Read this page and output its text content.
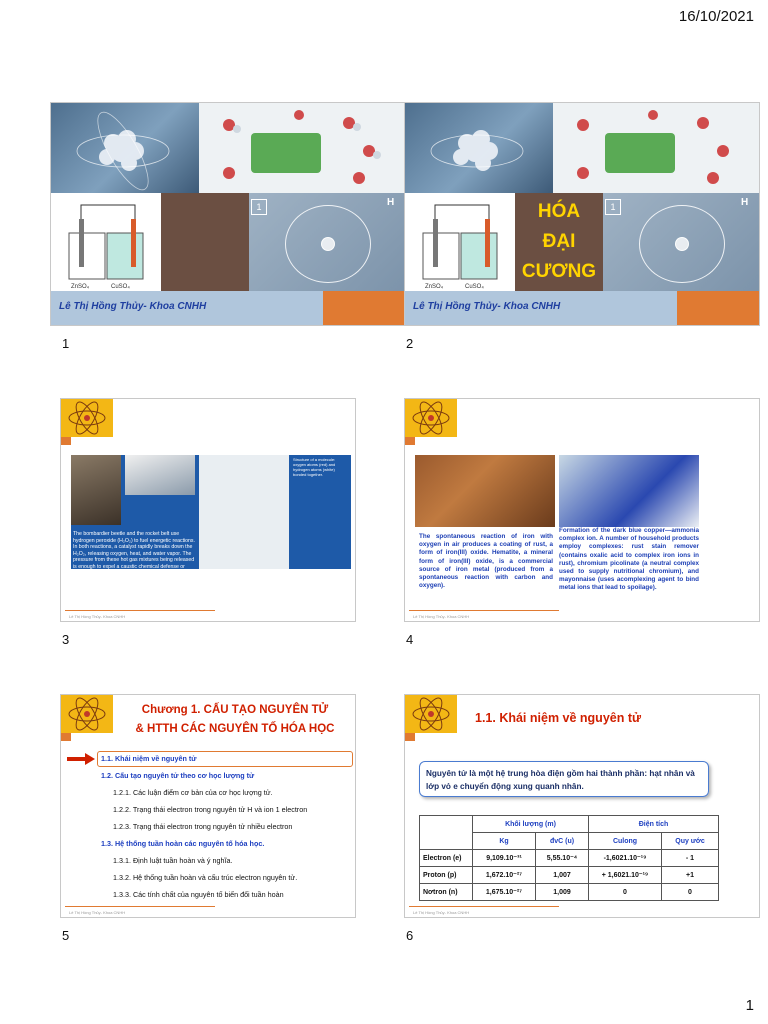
16/10/2021
ZnSO₄	CuSO₄
1	H
Lê Thị Hồng Thủy- Khoa CNHH
1
ZnSO₄	CuSO₄
HÓA
ĐẠI
CƯƠNG
1	H
Lê Thị Hồng Thủy- Khoa CNHH
2
The bombardier beetle and the rocket belt use hydrogen peroxide (H₂O₂) to fuel energetic reactions. In both reactions, a catalyst rapidly breaks down the H₂O₂, releasing oxygen, heat, and water vapor. The pressure from these hot gas mixtures being released is enough to expel a caustic chemical defense or propel a person into the air.
Structure of a molecule: oxygen atoms (red) and hydrogen atoms (white) bonded together.
Lê Thị Hồng Thủy- Khoa CNHH
3
The spontaneous reaction of iron with oxygen in air produces a coating of rust, a form of iron(III) oxide. Hematite, a mineral form of iron(III) oxide, is a commercial source of iron metal (produced from a spontaneous reaction with carbon and oxygen).
Formation of the dark blue copper—ammonia complex ion. A number of household products employ complexes: rust stain remover (contains oxalic acid to complex iron ions in rust), chromium picolinate (a neutral complex used to supply nutritional chromium), and mayonnaise (uses acomplexing agent to bind metal ions that lead to spoilage).
Lê Thị Hồng Thủy- Khoa CNHH
4
Chương 1. CẤU TẠO NGUYÊN TỬ
& HTTH CÁC NGUYÊN TỐ HÓA HỌC
1.1. Khái niệm về nguyên tử
1.2. Cấu tạo nguyên tử theo cơ học lượng tử
1.2.1. Các luận điểm cơ bản của cơ học lượng tử.
1.2.2. Trạng thái electron trong nguyên tử H và ion 1 electron
1.2.3. Trạng thái electron trong nguyên tử nhiều electron
1.3. Hệ thống tuần hoàn các nguyên tố hóa học.
1.3.1. Định luật tuần hoàn và ý nghĩa.
1.3.2. Hệ thống tuần hoàn và cấu trúc electron nguyên tử.
1.3.3. Các tính chất của nguyên tố biến đổi tuần hoàn
Lê Thị Hồng Thủy- Khoa CNHH
5
1.1. Khái niệm về nguyên tử
Nguyên tử là một hệ trung hòa điện gồm hai thành phần: hạt nhân và lớp vỏ e chuyển động xung quanh nhân.
	Khối lượng (m)		Điện tích	
	Kg	đvC (u)	Culong	Quy ước
Electron (e)	9,109.10⁻³¹	5,55.10⁻⁴	-1,6021.10⁻¹⁹	- 1
Proton (p)	1,672.10⁻²⁷	1,007	+ 1,6021.10⁻¹⁹	+1
Nơtron (n)	1,675.10⁻²⁷	1,009	0	0
Lê Thị Hồng Thủy- Khoa CNHH
6
1
